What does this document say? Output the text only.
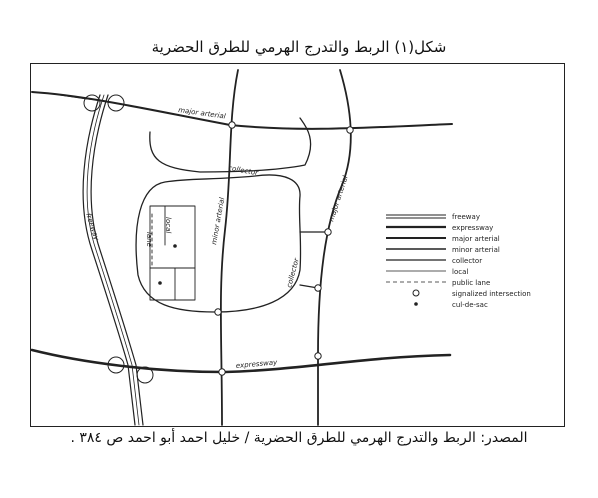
شكل(١) الربط والتدرج الهرمي للطرق الحضرية
major arterial
collector
minor arterial	major arterial
collector
local
lane
freeway
expressway
freeway
expressway
major arterial
minor arterial
collector
local
public lane
signalized intersection
cul-de-sac
المصدر: الربط والتدرج الهرمي للطرق الحضرية / خليل احمد أبو احمد ص ٣٨٤ .
